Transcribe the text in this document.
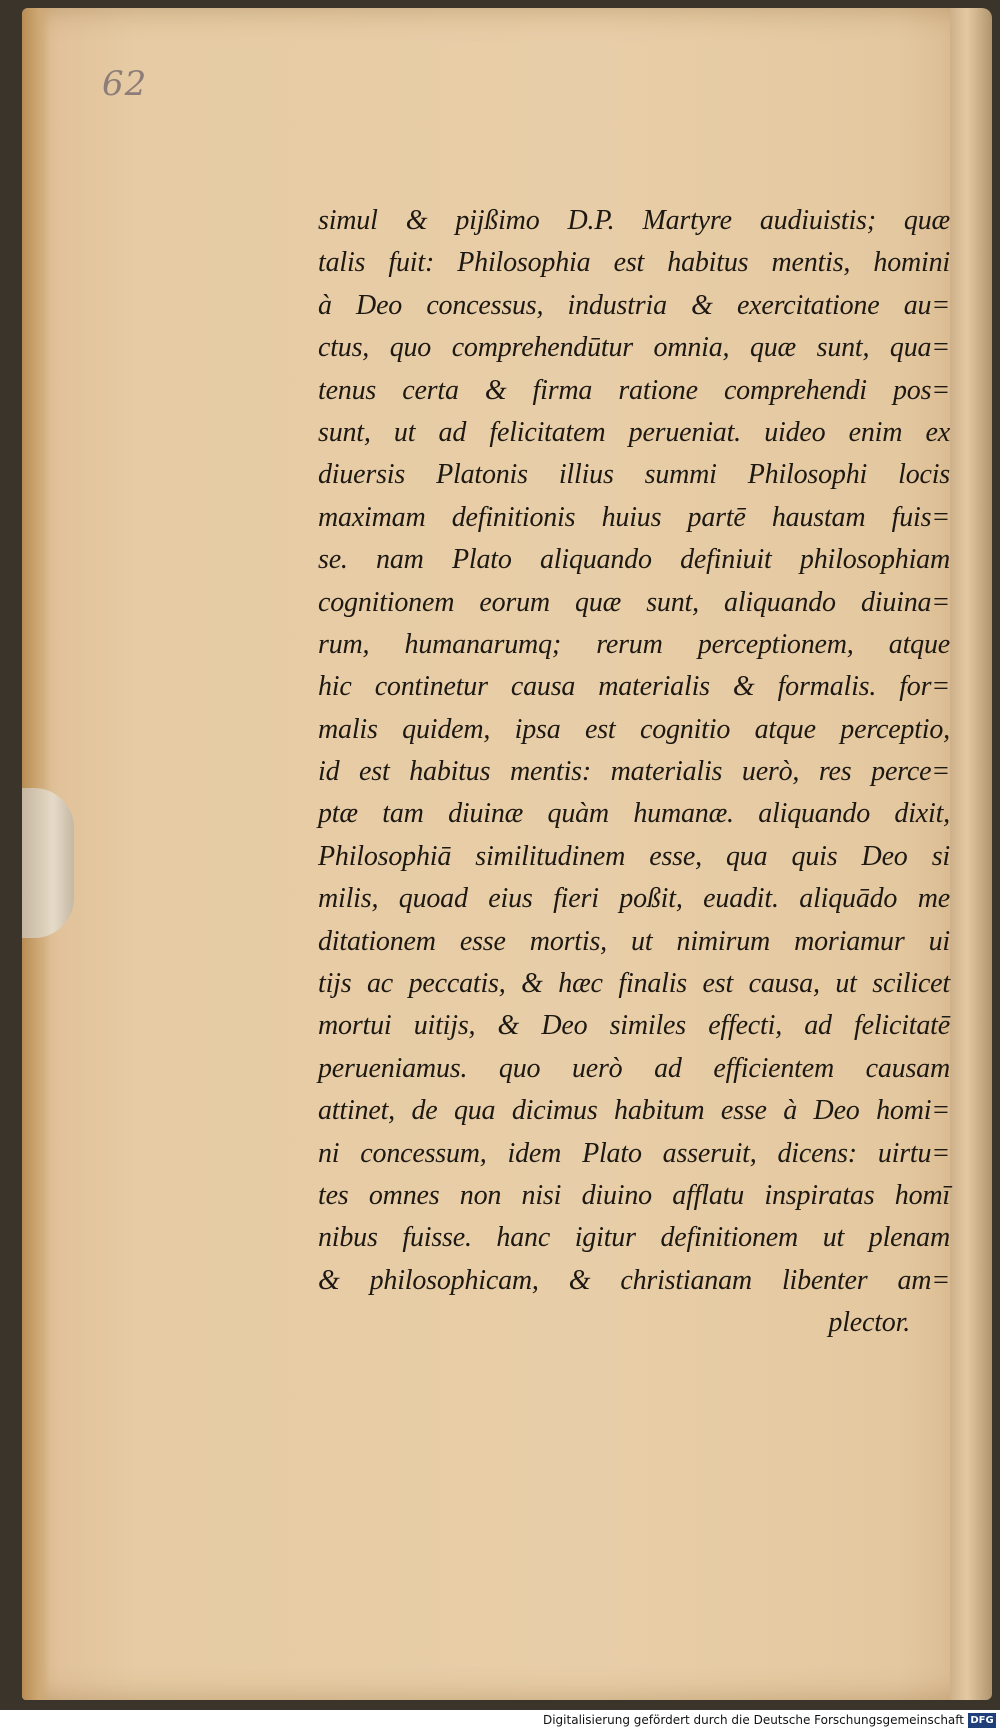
62
simul & pijßimo D.P. Martyre audiuistis; quæ
talis fuit: Philosophia est habitus mentis, homini
à Deo concessus, industria & exercitatione au=
ctus, quo comprehendūtur omnia, quæ sunt, qua=
tenus certa & firma ratione comprehendi pos=
sunt, ut ad felicitatem perueniat. uideo enim ex
diuersis Platonis illius summi Philosophi locis
maximam definitionis huius partē haustam fuis=
se. nam Plato aliquando definiuit philosophiam
cognitionem eorum quæ sunt, aliquando diuina=
rum, humanarumq; rerum perceptionem, atque
hic continetur causa materialis & formalis. for=
malis quidem, ipsa est cognitio atque perceptio,
id est habitus mentis: materialis uerò, res perce=
ptæ tam diuinæ quàm humanæ. aliquando dixit,
Philosophiā similitudinem esse, qua quis Deo si
milis, quoad eius fieri poßit, euadit. aliquādo me
ditationem esse mortis, ut nimirum moriamur ui
tijs ac peccatis, & hæc finalis est causa, ut scilicet
mortui uitijs, & Deo similes effecti, ad felicitatē
perueniamus. quo uerò ad efficientem causam
attinet, de qua dicimus habitum esse à Deo homi=
ni concessum, idem Plato asseruit, dicens: uirtu=
tes omnes non nisi diuino afflatu inspiratas homī
nibus fuisse. hanc igitur definitionem ut plenam
& philosophicam, & christianam libenter am=
plector.
Digitalisierung gefördert durch die Deutsche Forschungsgemeinschaft DFG
